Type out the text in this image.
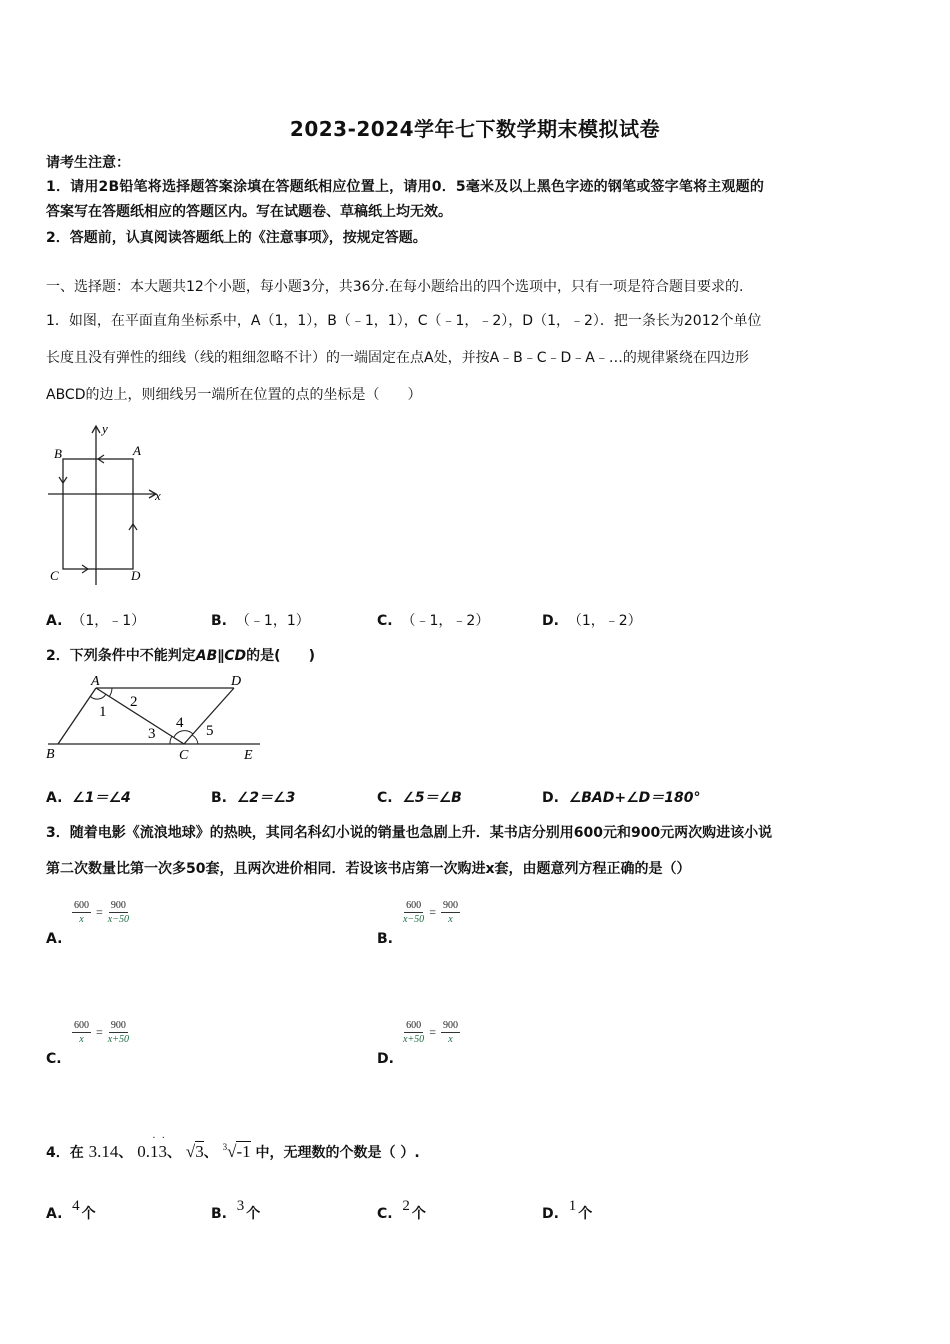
2023-2024学年七下数学期末模拟试卷
请考生注意：
1．请用2B铅笔将选择题答案涂填在答题纸相应位置上，请用0．5毫米及以上黑色字迹的钢笔或签字笔将主观题的
答案写在答题纸相应的答题区内。写在试题卷、草稿纸上均无效。
2．答题前，认真阅读答题纸上的《注意事项》，按规定答题。
一、选择题：本大题共12个小题，每小题3分，共36分.在每小题给出的四个选项中，只有一项是符合题目要求的.
1．如图，在平面直角坐标系中，A（1，1），B（﹣1，1），C（﹣1，﹣2），D（1，﹣2）．把一条长为2012个单位
长度且没有弹性的细线（线的粗细忽略不计）的一端固定在点A处，并按A﹣B﹣C﹣D﹣A﹣…的规律紧绕在四边形
ABCD的边上，则细线另一端所在位置的点的坐标是（　　）
B	A
C	D
x
y
A. （1，﹣1）	B. （﹣1，1）	C. （﹣1，﹣2）	D. （1，﹣2）
2．下列条件中不能判定AB∥CD的是(　　)
A	D
B	C	E
1
2
3
4 5
A. ∠1＝∠4	B. ∠2＝∠3	C. ∠5＝∠B	D. ∠BAD+∠D＝180°
3．随着电影《流浪地球》的热映，其同名科幻小说的销量也急剧上升．某书店分别用600元和900元两次购进该小说
第二次数量比第一次多50套，且两次进价相同．若设该书店第一次购进x套，由题意列方程正确的是（）
$\frac{600}{x} = \frac{900}{x-50}$
A.
$\frac{600}{x-50} = \frac{900}{x}$
B.
$\frac{600}{x} = \frac{900}{x+50}$
C.
$\frac{600}{x+50} = \frac{900}{x}$
D.
4．在 3.14、 0.13
··
、 √3、 $^3$√-1 中，无理数的个数是（ ）.
A. 4 个	B. 3 个	C. 2 个	D. 1 个
